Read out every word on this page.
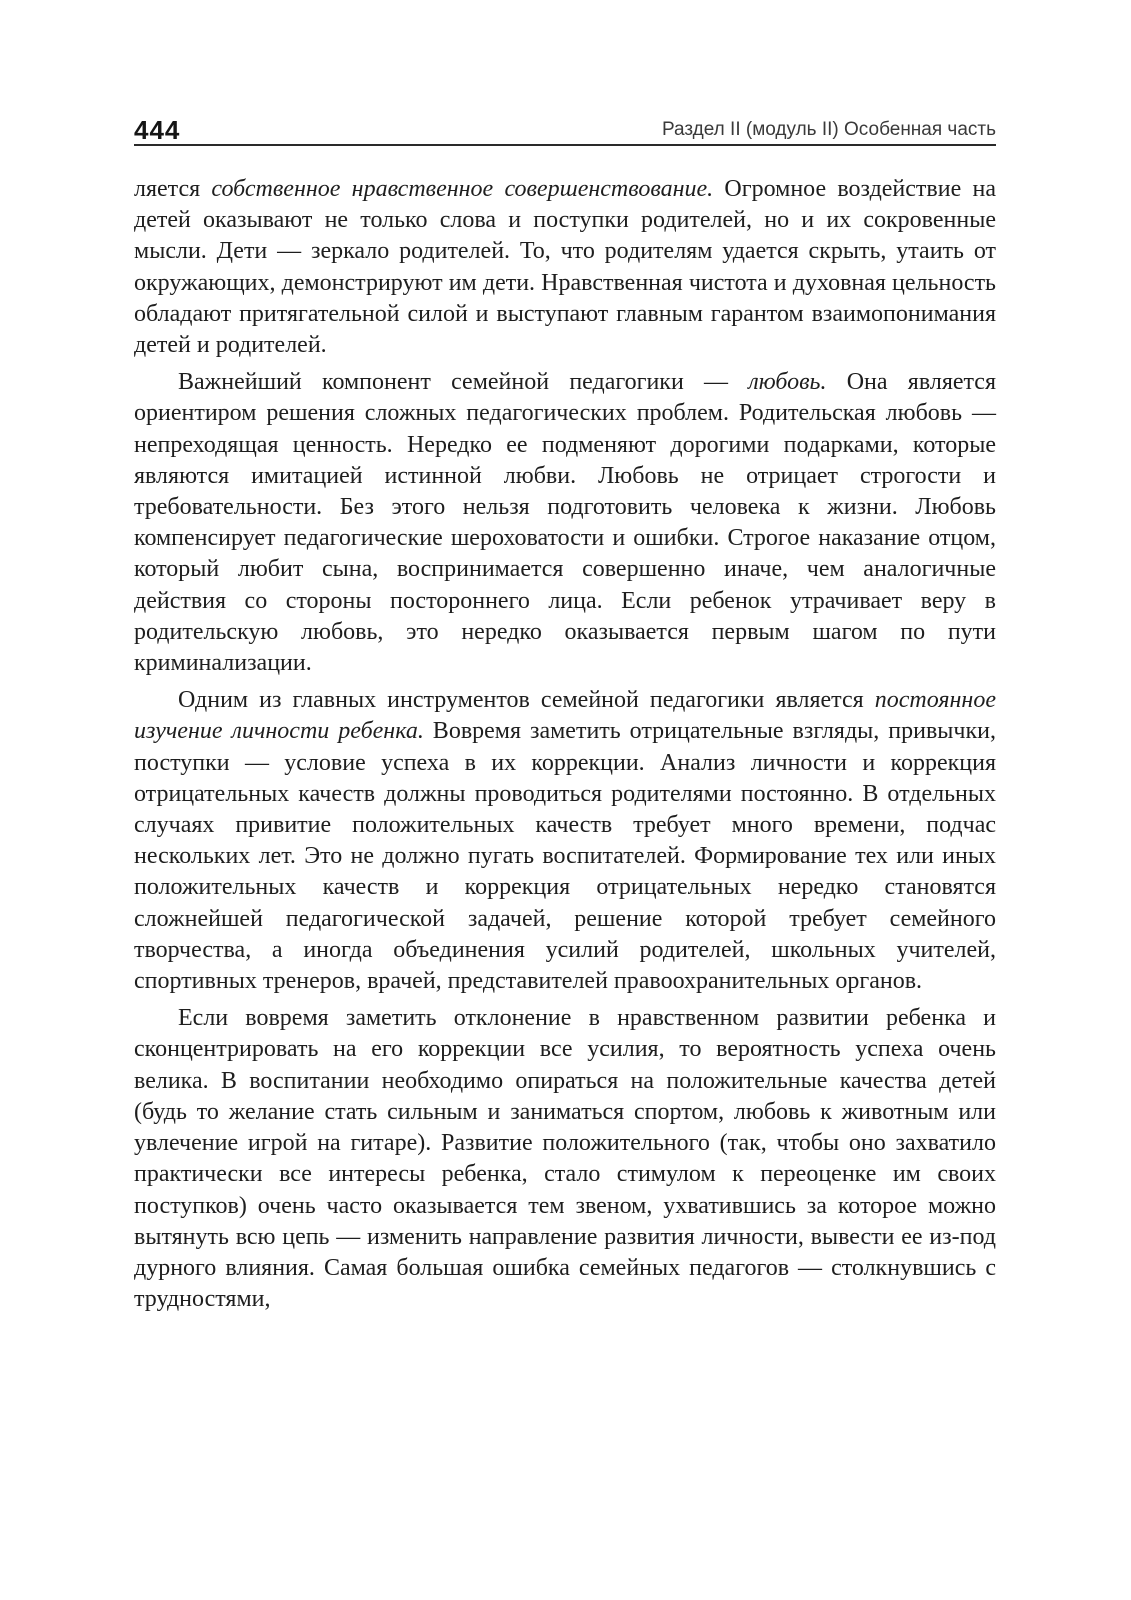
444	Раздел II (модуль II) Особенная часть

ляется собственное нравственное совершенствование. Огромное воздействие на детей оказывают не только слова и поступки родителей, но и их сокровенные мысли. Дети — зеркало родителей. То, что родителям удается скрыть, утаить от окружающих, демонстрируют им дети. Нравственная чистота и духовная цельность обладают притягательной силой и выступают главным гарантом взаимопонимания детей и родителей.

Важнейший компонент семейной педагогики — любовь. Она является ориентиром решения сложных педагогических проблем. Родительская любовь — непреходящая ценность. Нередко ее подменяют дорогими подарками, которые являются имитацией истинной любви. Любовь не отрицает строгости и требовательности. Без этого нельзя подготовить человека к жизни. Любовь компенсирует педагогические шероховатости и ошибки. Строгое наказание отцом, который любит сына, воспринимается совершенно иначе, чем аналогичные действия со стороны постороннего лица. Если ребенок утрачивает веру в родительскую любовь, это нередко оказывается первым шагом по пути криминализации.

Одним из главных инструментов семейной педагогики является постоянное изучение личности ребенка. Вовремя заметить отрицательные взгляды, привычки, поступки — условие успеха в их коррекции. Анализ личности и коррекция отрицательных качеств должны проводиться родителями постоянно. В отдельных случаях привитие положительных качеств требует много времени, подчас нескольких лет. Это не должно пугать воспитателей. Формирование тех или иных положительных качеств и коррекция отрицательных нередко становятся сложнейшей педагогической задачей, решение которой требует семейного творчества, а иногда объединения усилий родителей, школьных учителей, спортивных тренеров, врачей, представителей правоохранительных органов.

Если вовремя заметить отклонение в нравственном развитии ребенка и сконцентрировать на его коррекции все усилия, то вероятность успеха очень велика. В воспитании необходимо опираться на положительные качества детей (будь то желание стать сильным и заниматься спортом, любовь к животным или увлечение игрой на гитаре). Развитие положительного (так, чтобы оно захватило практически все интересы ребенка, стало стимулом к переоценке им своих поступков) очень часто оказывается тем звеном, ухватившись за которое можно вытянуть всю цепь — изменить направление развития личности, вывести ее из-под дурного влияния. Самая большая ошибка семейных педагогов — столкнувшись с трудностями,
